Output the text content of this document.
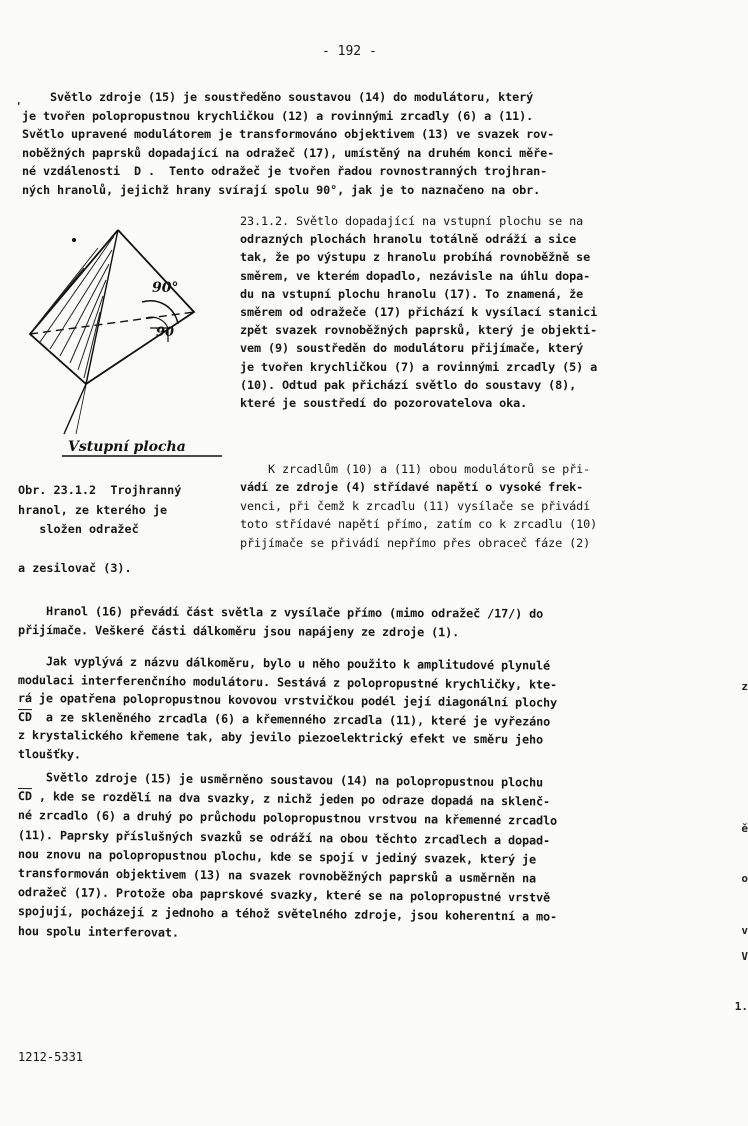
- 192 -
Světlo zdroje (15) je soustředěno soustavou (14) do modulátoru, který
je tvořen polopropustnou krychličkou (12) a rovinnými zrcadly (6) a (11).
Světlo upravené modulátorem je transformováno objektivem (13) ve svazek rov-
noběžných paprsků dopadající na odražeč (17), umístěný na druhém konci měře-
né vzdálenosti  D .  Tento odražeč je tvořen řadou rovnostranných trojhran-
ných hranolů, jejichž hrany svírají spolu 90°, jak je to naznačeno na obr.
23.1.2. Světlo dopadající na vstupní plochu se na
odrazných plochách hranolu totálně odráží a sice
tak, že po výstupu z hranolu probíhá rovnoběžně se
směrem, ve kterém dopadlo, nezávisle na úhlu dopa-
du na vstupní plochu hranolu (17). To znamená, že
směrem od odražeče (17) přichází k vysílací stanici
zpět svazek rovnoběžných paprsků, který je objekti-
vem (9) soustředěn do modulátoru přijímače, který
je tvořen krychličkou (7) a rovinnými zrcadly (5) a
(10). Odtud pak přichází světlo do soustavy (8),
které je soustředí do pozorovatelova oka.
K zrcadlům (10) a (11) obou modulátorů se při-
vádí ze zdroje (4) střídavé napětí o vysoké frek-
venci, při čemž k zrcadlu (11) vysílače se přivádí
toto střídavé napětí přímo, zatím co k zrcadlu (10)
přijímače se přivádí nepřímo přes obraceč fáze (2)
90°
90
Vstupní plocha
Obr. 23.1.2  Trojhranný
hranol, ze kterého je
složen odražeč
a zesilovač (3).
Hranol (16) převádí část světla z vysílače přímo (mimo odražeč /17/) do
přijímače. Veškeré části dálkoměru jsou napájeny ze zdroje (1).
Jak vyplývá z názvu dálkoměru, bylo u něho použito k amplitudové plynulé
modulaci interferenčního modulátoru. Sestává z polopropustné krychličky, kte-
rá je opatřena polopropustnou kovovou vrstvičkou podél její diagonální plochy
$\overline{CD}$  a ze skleněného zrcadla (6) a křemenného zrcadla (11), které je vyřezáno
z krystalického křemene tak, aby jevilo piezoelektrický efekt ve směru jeho
tloušťky.
Světlo zdroje (15) je usměrněno soustavou (14) na polopropustnou plochu
$\overline{CD}$ , kde se rozdělí na dva svazky, z nichž jeden po odraze dopadá na sklenč-
né zrcadlo (6) a druhý po průchodu polopropustnou vrstvou na křemenné zrcadlo
(11). Paprsky příslušných svazků se odráží na obou těchto zrcadlech a dopad-
nou znovu na polopropustnou plochu, kde se spojí v jediný svazek, který je
transformován objektivem (13) na svazek rovnoběžných paprsků a usměrněn na
odražeč (17). Protože oba paprskové svazky, které se na polopropustné vrstvě
spojují, pocházejí z jednoho a téhož světelného zdroje, jsou koherentní a mo-
hou spolu interferovat.
1212-5331
'
z
ě
o
v
V
1.
